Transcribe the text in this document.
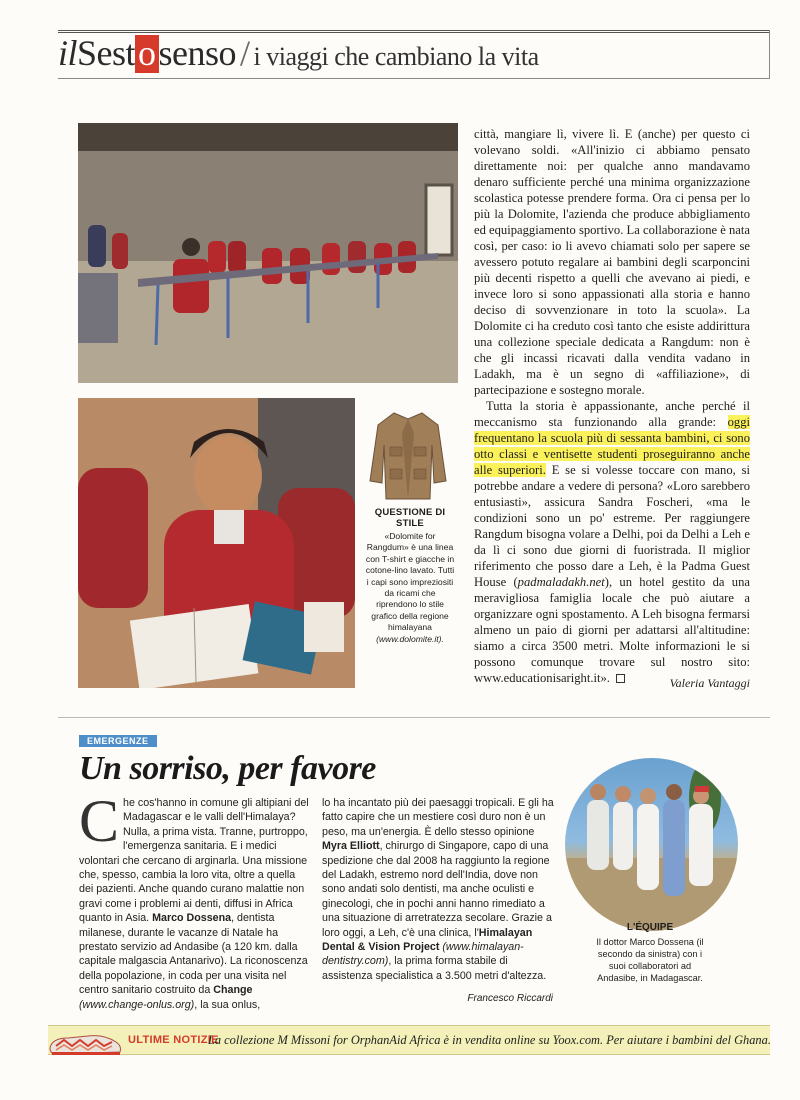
ilSestosenso / i viaggi che cambiano la vita
QUESTIONE DI STILE
«Dolomite for Rangdum» è una linea con T-shirt e giacche in cotone-lino lavato. Tutti i capi sono impreziositi da ricami che riprendono lo stile grafico della regione himalayana (www.dolomite.it).

città, mangiare lì, vivere lì. E (anche) per questo ci volevano soldi. «All'inizio ci abbiamo pensato direttamente noi: per qualche anno mandavamo denaro sufficiente perché una minima organizzazione scolastica potesse prendere forma. Ora ci pensa per lo più la Dolomite, l'azienda che produce abbigliamento ed equipaggiamento sportivo. La collaborazione è nata così, per caso: io li avevo chiamati solo per sapere se avessero potuto regalare ai bambini degli scarponcini più decenti rispetto a quelli che avevano ai piedi, e invece loro si sono appassionati alla storia e hanno deciso di sovvenzionare in toto la scuola». La Dolomite ci ha creduto così tanto che esiste addirittura una collezione speciale dedicata a Rangdum: non è che gli incassi ricavati dalla vendita vadano in Ladakh, ma è un segno di «affiliazione», di partecipazione e sostegno morale.

Tutta la storia è appassionante, anche perché il meccanismo sta funzionando alla grande: oggi frequentano la scuola più di sessanta bambini, ci sono otto classi e ventisette studenti proseguiranno anche alle superiori. E se si volesse toccare con mano, si potrebbe andare a vedere di persona? «Loro sarebbero entusiasti», assicura Sandra Foscheri, «ma le condizioni sono un po' estreme. Per raggiungere Rangdum bisogna volare a Delhi, poi da Delhi a Leh e da lì ci sono due giorni di fuoristrada. Il miglior riferimento che posso dare a Leh, è la Padma Guest House (padmaladakh.net), un hotel gestito da una meravigliosa famiglia locale che può aiutare a organizzare ogni spostamento. A Leh bisogna fermarsi almeno un paio di giorni per adattarsi all'altitudine: siamo a circa 3500 metri. Molte informazioni le si possono comunque trovare sul nostro sito: www.educationisaright.it».	Valeria Vantaggi
EMERGENZE
Un sorriso, per favore
Che cos'hanno in comune gli altipiani del Madagascar e le valli dell'Himalaya? Nulla, a prima vista. Tranne, purtroppo, l'emergenza sanitaria. E i medici volontari che cercano di arginarla. Una missione che, spesso, cambia la loro vita, oltre a quella dei pazienti. Anche quando curano malattie non gravi come i problemi ai denti, diffusi in Africa quanto in Asia. Marco Dossena, dentista milanese, durante le vacanze di Natale ha prestato servizio ad Andasibe (a 120 km. dalla capitale malgascia Antanarivo). La riconoscenza della popolazione, in coda per una visita nel centro sanitario costruito da Change (www.change-onlus.org), la sua onlus,
lo ha incantato più dei paesaggi tropicali. E gli ha fatto capire che un mestiere così duro non è un peso, ma un'energia. È dello stesso opinione Myra Elliott, chirurgo di Singapore, capo di una spedizione che dal 2008 ha raggiunto la regione del Ladakh, estremo nord dell'India, dove non sono andati solo dentisti, ma anche oculisti e ginecologi, che in pochi anni hanno rimediato a una situazione di arretratezza secolare. Grazie a loro oggi, a Leh, c'è una clinica, l'Himalayan Dental & Vision Project (www.himalayan-dentistry.com), la prima forma stabile di assistenza specialistica a 3.500 metri d'altezza.
Francesco Riccardi
L'ÉQUIPE
Il dottor Marco Dossena (il secondo da sinistra) con i suoi collaboratori ad Andasibe, in Madagascar.
ULTIME NOTIZIE
La collezione M Missoni for OrphanAid Africa è in vendita online su Yoox.com. Per aiutare i bambini del Ghana.
